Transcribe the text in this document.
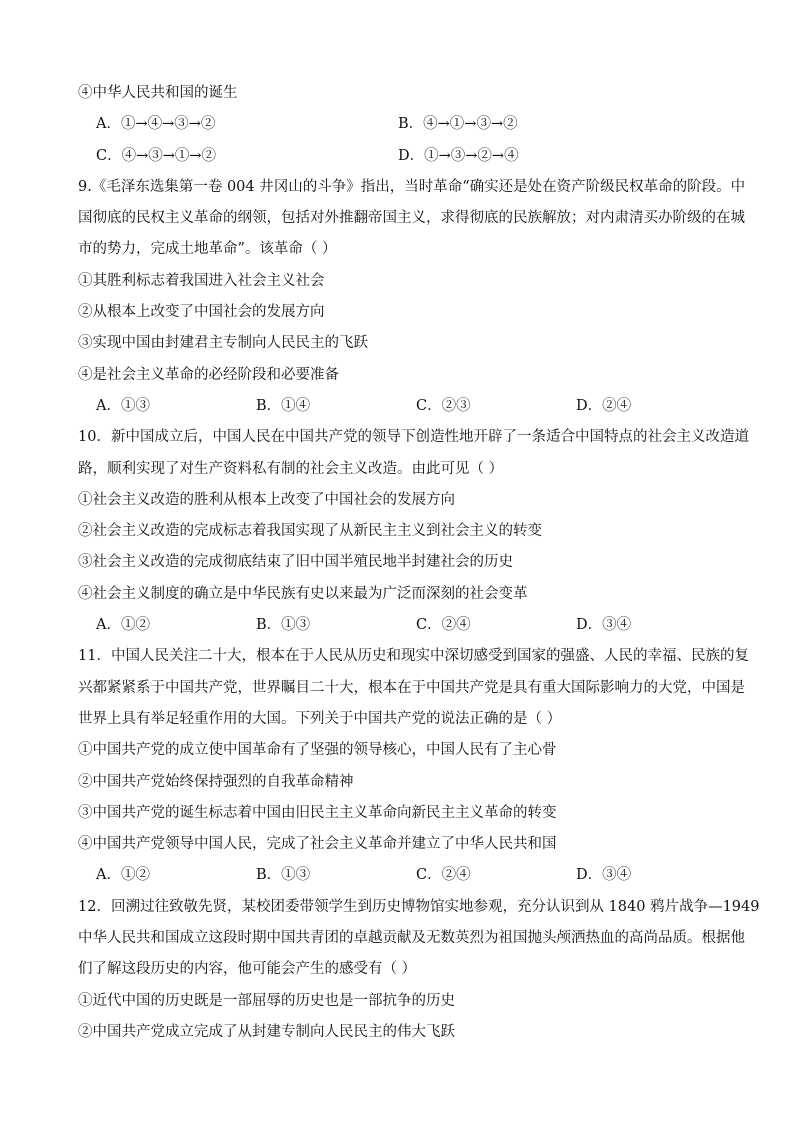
④中华人民共和国的诞生
A．①→④→③→②	B．④→①→③→②
C．④→③→①→②	D．①→③→②→④
9.《毛泽东选集第一卷 004 井冈山的斗争》指出，当时革命“确实还是处在资产阶级民权革命的阶段。中
国彻底的民权主义革命的纲领，包括对外推翻帝国主义，求得彻底的民族解放；对内肃清买办阶级的在城
市的势力，完成土地革命”。该革命（ ）
①其胜利标志着我国进入社会主义社会
②从根本上改变了中国社会的发展方向
③实现中国由封建君主专制向人民民主的飞跃
④是社会主义革命的必经阶段和必要准备
A．①③	B．①④	C．②③	D．②④
10．新中国成立后，中国人民在中国共产党的领导下创造性地开辟了一条适合中国特点的社会主义改造道
路，顺利实现了对生产资料私有制的社会主义改造。由此可见（ ）
①社会主义改造的胜利从根本上改变了中国社会的发展方向
②社会主义改造的完成标志着我国实现了从新民主主义到社会主义的转变
③社会主义改造的完成彻底结束了旧中国半殖民地半封建社会的历史
④社会主义制度的确立是中华民族有史以来最为广泛而深刻的社会变革
A．①②	B．①③	C．②④	D．③④
11．中国人民关注二十大，根本在于人民从历史和现实中深切感受到国家的强盛、人民的幸福、民族的复
兴都紧紧系于中国共产党，世界瞩目二十大，根本在于中国共产党是具有重大国际影响力的大党，中国是
世界上具有举足轻重作用的大国。下列关于中国共产党的说法正确的是（ ）
①中国共产党的成立使中国革命有了坚强的领导核心，中国人民有了主心骨
②中国共产党始终保持强烈的自我革命精神
③中国共产党的诞生标志着中国由旧民主主义革命向新民主主义革命的转变
④中国共产党领导中国人民，完成了社会主义革命并建立了中华人民共和国
A．①②	B．①③	C．②④	D．③④
12．回溯过往致敬先贤，某校团委带领学生到历史博物馆实地参观，充分认识到从 1840 鸦片战争—1949
中华人民共和国成立这段时期中国共青团的卓越贡献及无数英烈为祖国抛头颅洒热血的高尚品质。根据他
们了解这段历史的内容，他可能会产生的感受有（ ）
①近代中国的历史既是一部屈辱的历史也是一部抗争的历史
②中国共产党成立完成了从封建专制向人民民主的伟大飞跃
